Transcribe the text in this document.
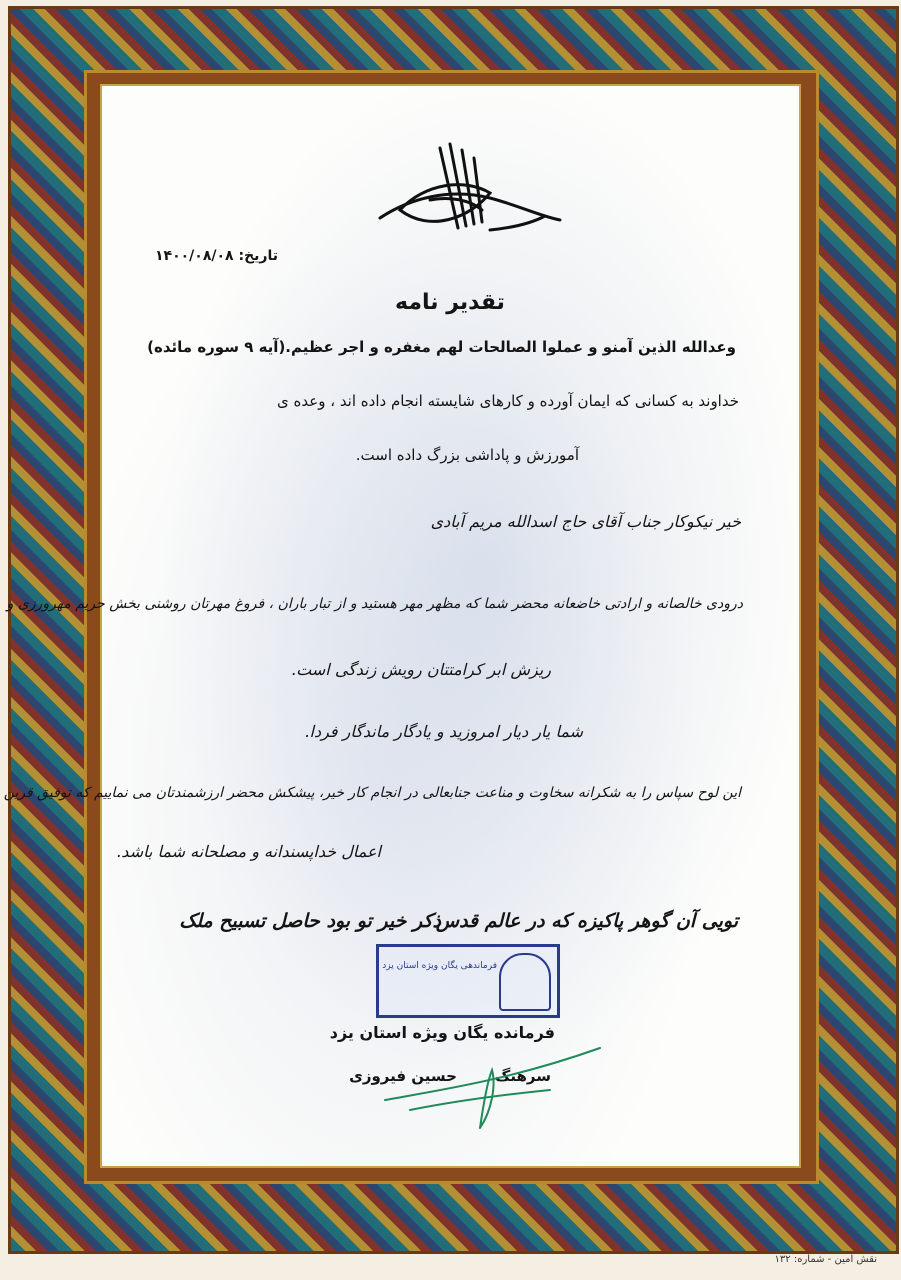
تاریخ: ۱۴۰۰/۰۸/۰۸
تقدیر نامه
وعدالله الذین آمنو و عملوا الصالحات لهم مغفره و اجر عظیم.(آیه ۹ سوره مائده)
خداوند به کسانی که ایمان آورده و کارهای شایسته انجام داده اند ، وعده ی
آمورزش و پاداشی بزرگ داده است.
خیر نیکوکار جناب آقای حاج اسدالله مریم آبادی
درودی خالصانه و ارادتی خاضعانه محضر شما که مظهر مهر هستید و از تبار باران ، فروغ مهرتان روشنی بخش حریم مهرورزی و
ریزش ابر کرامتتان رویش زندگی است.
شما یار دیار امروزید و یادگار ماندگار فردا.
این لوح سپاس را به شکرانه سخاوت و مناعت جنابعالی در انجام کار خیر، پیشکش محضر ارزشمندتان می نماییم که توفیق قرین
اعمال خداپسندانه و مصلحانه شما باشد.
تویی آن گوهر پاکیزه که در عالم قدس
ذکر خیر تو بود حاصل تسبیح ملک
فرماندهی یگان ویژه استان یزد
فرمانده یگان ویژه استان یزد
سرهنگ
حسین فیروزی
نقش امین - شماره: ۱۳۲
